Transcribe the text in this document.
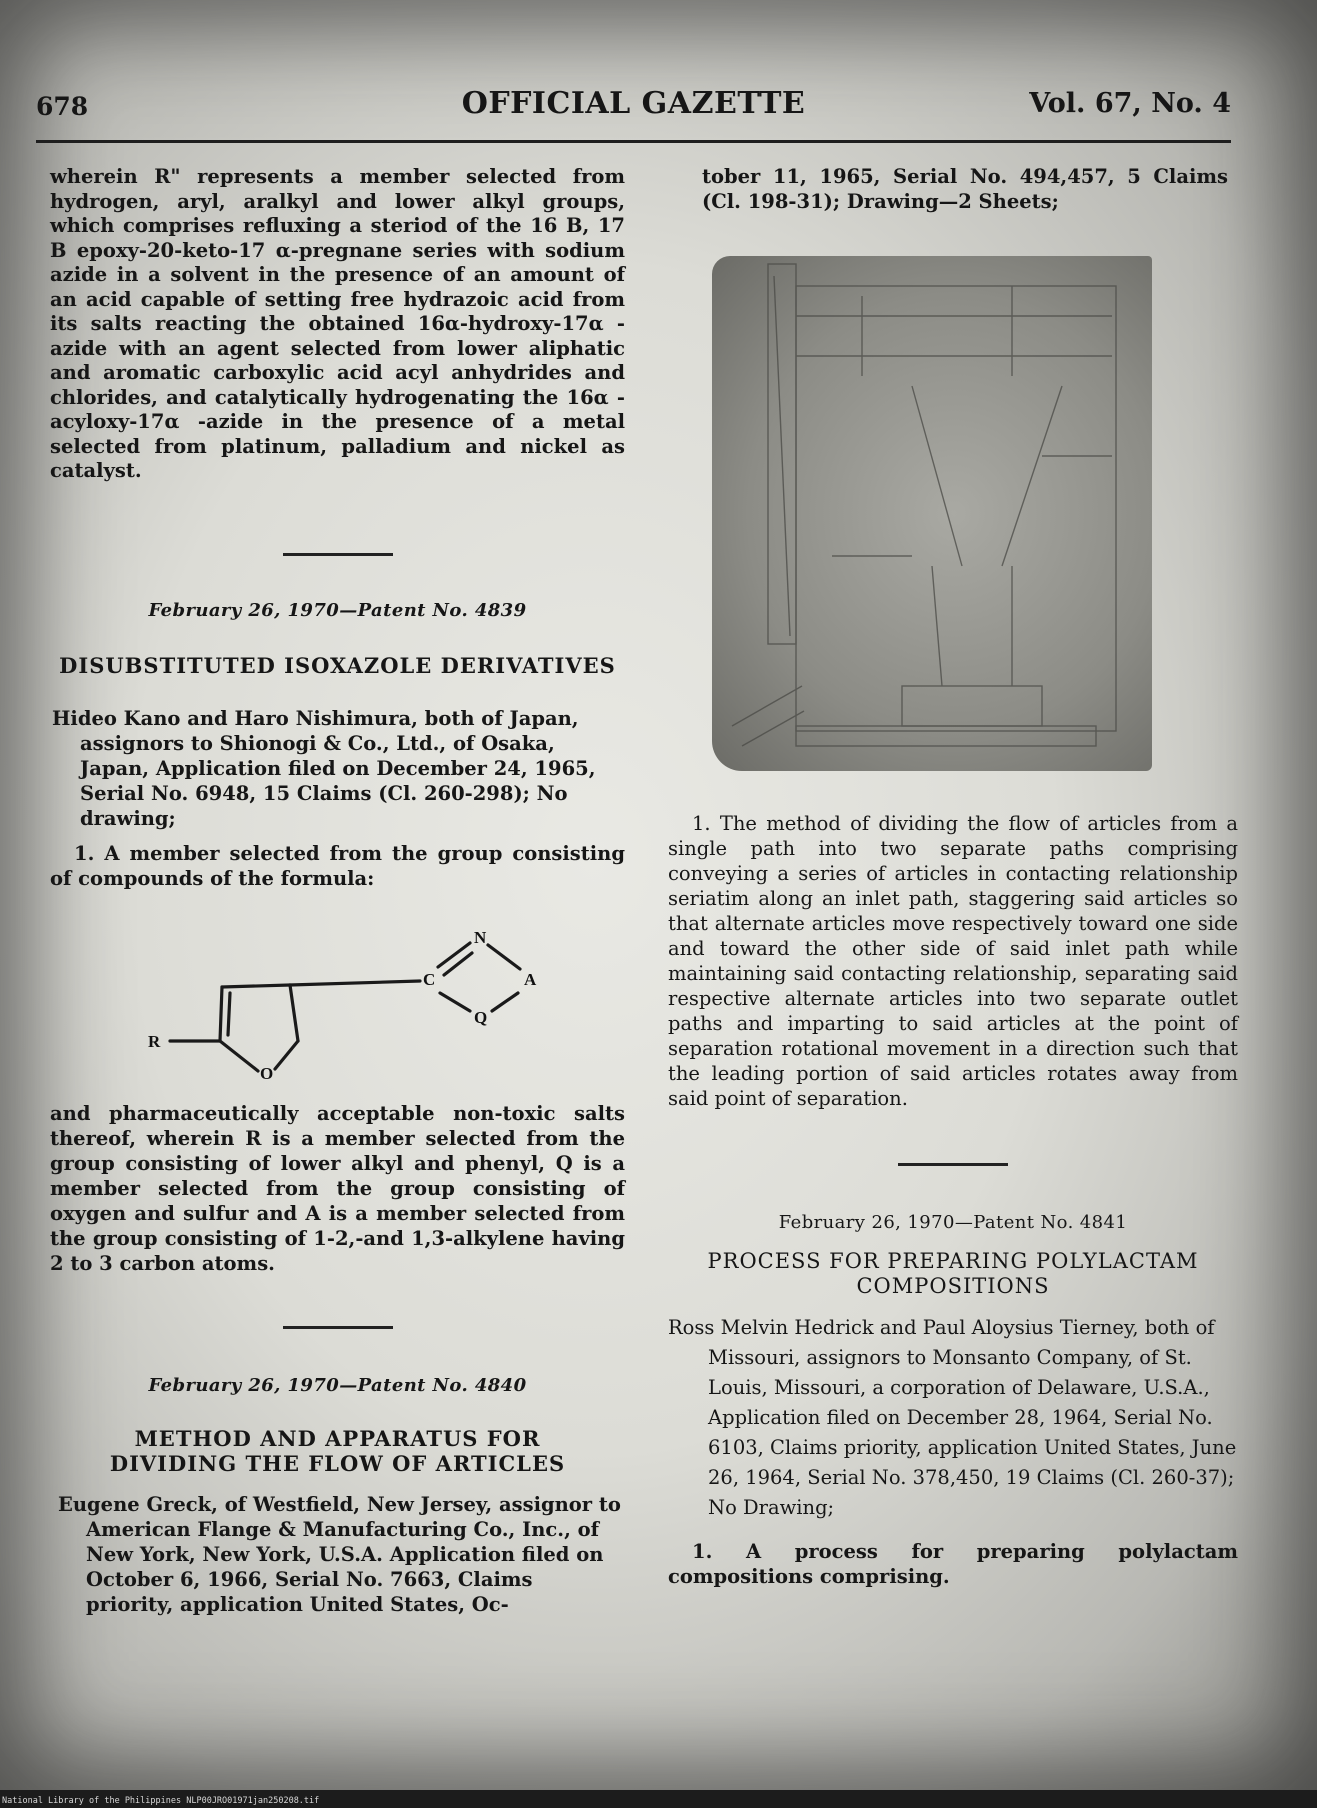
678	OFFICIAL GAZETTE	Vol. 67, No. 4

wherein R" represents a member selected from hydrogen, aryl, aralkyl and lower alkyl groups, which comprises refluxing a steriod of the 16 B, 17 B epoxy-20-keto-17 α-pregnane series with sodium azide in a solvent in the presence of an amount of an acid capable of setting free hydrazoic acid from its salts reacting the obtained 16α-hydroxy-17α -azide with an agent selected from lower aliphatic and aromatic carboxylic acid acyl anhydrides and chlorides, and catalytically hydrogenating the 16α -acyloxy-17α -azide in the presence of a metal selected from platinum, palladium and nickel as catalyst.

February 26, 1970—Patent No. 4839

DISUBSTITUTED ISOXAZOLE DERIVATIVES

Hideo Kano and Haro Nishimura, both of Japan, assignors to Shionogi & Co., Ltd., of Osaka, Japan, Application filed on December 24, 1965, Serial No. 6948, 15 Claims (Cl. 260-298); No drawing;

1. A member selected from the group consisting of compounds of the formula:

R
O
C
N
A
Q

and pharmaceutically acceptable non-toxic salts thereof, wherein R is a member selected from the group consisting of lower alkyl and phenyl, Q is a member selected from the group consisting of oxygen and sulfur and A is a member selected from the group consisting of 1-2,-and 1,3-alkylene having 2 to 3 carbon atoms.

February 26, 1970—Patent No. 4840

METHOD AND APPARATUS FOR DIVIDING THE FLOW OF ARTICLES

Eugene Greck, of Westfield, New Jersey, assignor to American Flange & Manufacturing Co., Inc., of New York, New York, U.S.A. Application filed on October 6, 1966, Serial No. 7663, Claims priority, application United States, Oc-

tober 11, 1965, Serial No. 494,457, 5 Claims (Cl. 198-31); Drawing—2 Sheets;

1. The method of dividing the flow of articles from a single path into two separate paths comprising conveying a series of articles in contacting relationship seriatim along an inlet path, staggering said articles so that alternate articles move respectively toward one side and toward the other side of said inlet path while maintaining said contacting relationship, separating said respective alternate articles into two separate outlet paths and imparting to said articles at the point of separation rotational movement in a direction such that the leading portion of said articles rotates away from said point of separation.

February 26, 1970—Patent No. 4841

PROCESS FOR PREPARING POLYLACTAM COMPOSITIONS

Ross Melvin Hedrick and Paul Aloysius Tierney, both of Missouri, assignors to Monsanto Company, of St. Louis, Missouri, a corporation of Delaware, U.S.A., Application filed on December 28, 1964, Serial No. 6103, Claims priority, application United States, June 26, 1964, Serial No. 378,450, 19 Claims (Cl. 260-37); No Drawing;

1. A process for preparing polylactam compositions comprising.

National Library of the Philippines NLP00JRO01971jan250208.tif
